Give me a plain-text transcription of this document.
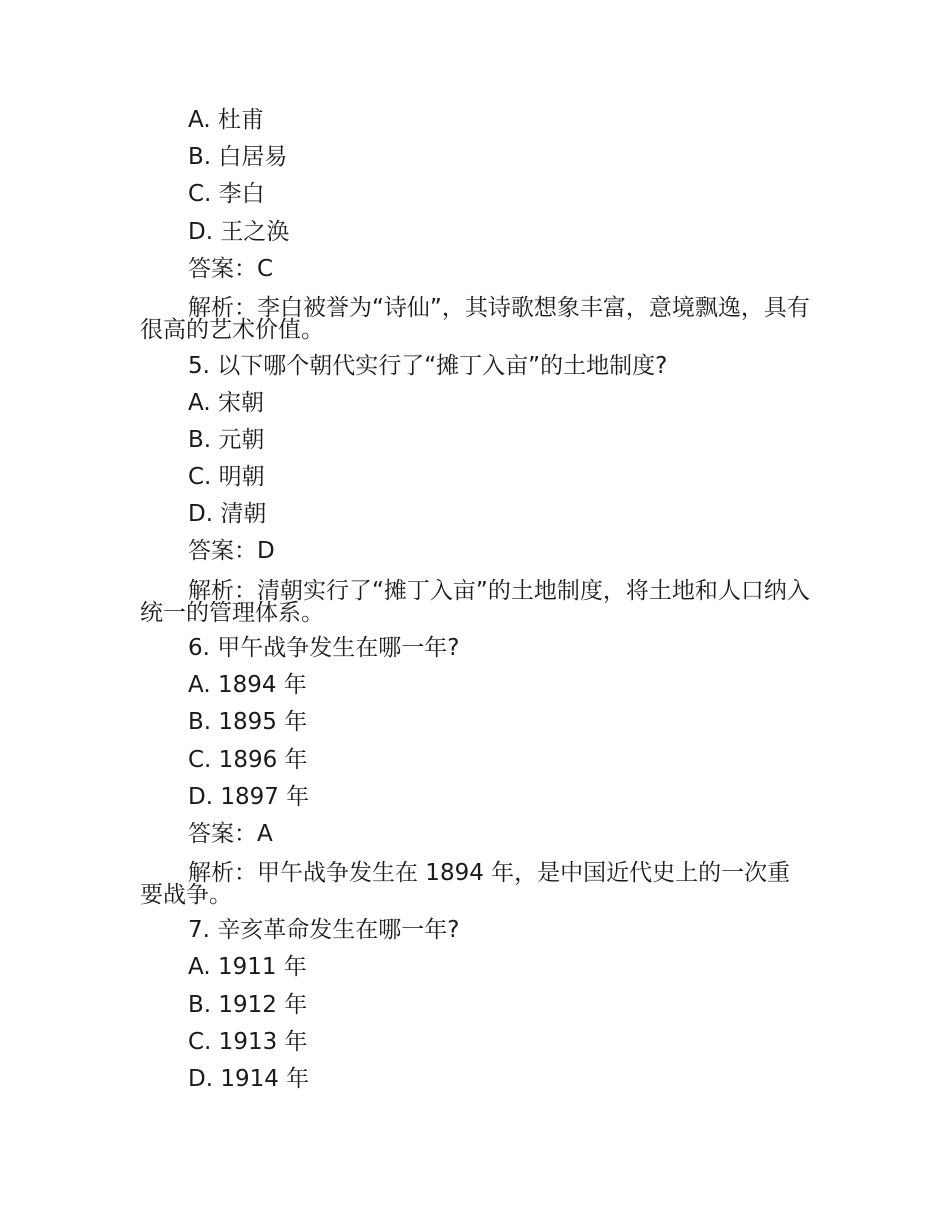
A. 杜甫
B. 白居易
C. 李白
D. 王之涣
答案：C
解析：李白被誉为“诗仙”，其诗歌想象丰富，意境飘逸，具有很高的艺术价值。
5. 以下哪个朝代实行了“摊丁入亩”的土地制度?
A. 宋朝
B. 元朝
C. 明朝
D. 清朝
答案：D
解析：清朝实行了“摊丁入亩”的土地制度，将土地和人口纳入统一的管理体系。
6. 甲午战争发生在哪一年?
A. 1894 年
B. 1895 年
C. 1896 年
D. 1897 年
答案：A
解析：甲午战争发生在 1894 年，是中国近代史上的一次重要战争。
7. 辛亥革命发生在哪一年?
A. 1911 年
B. 1912 年
C. 1913 年
D. 1914 年
